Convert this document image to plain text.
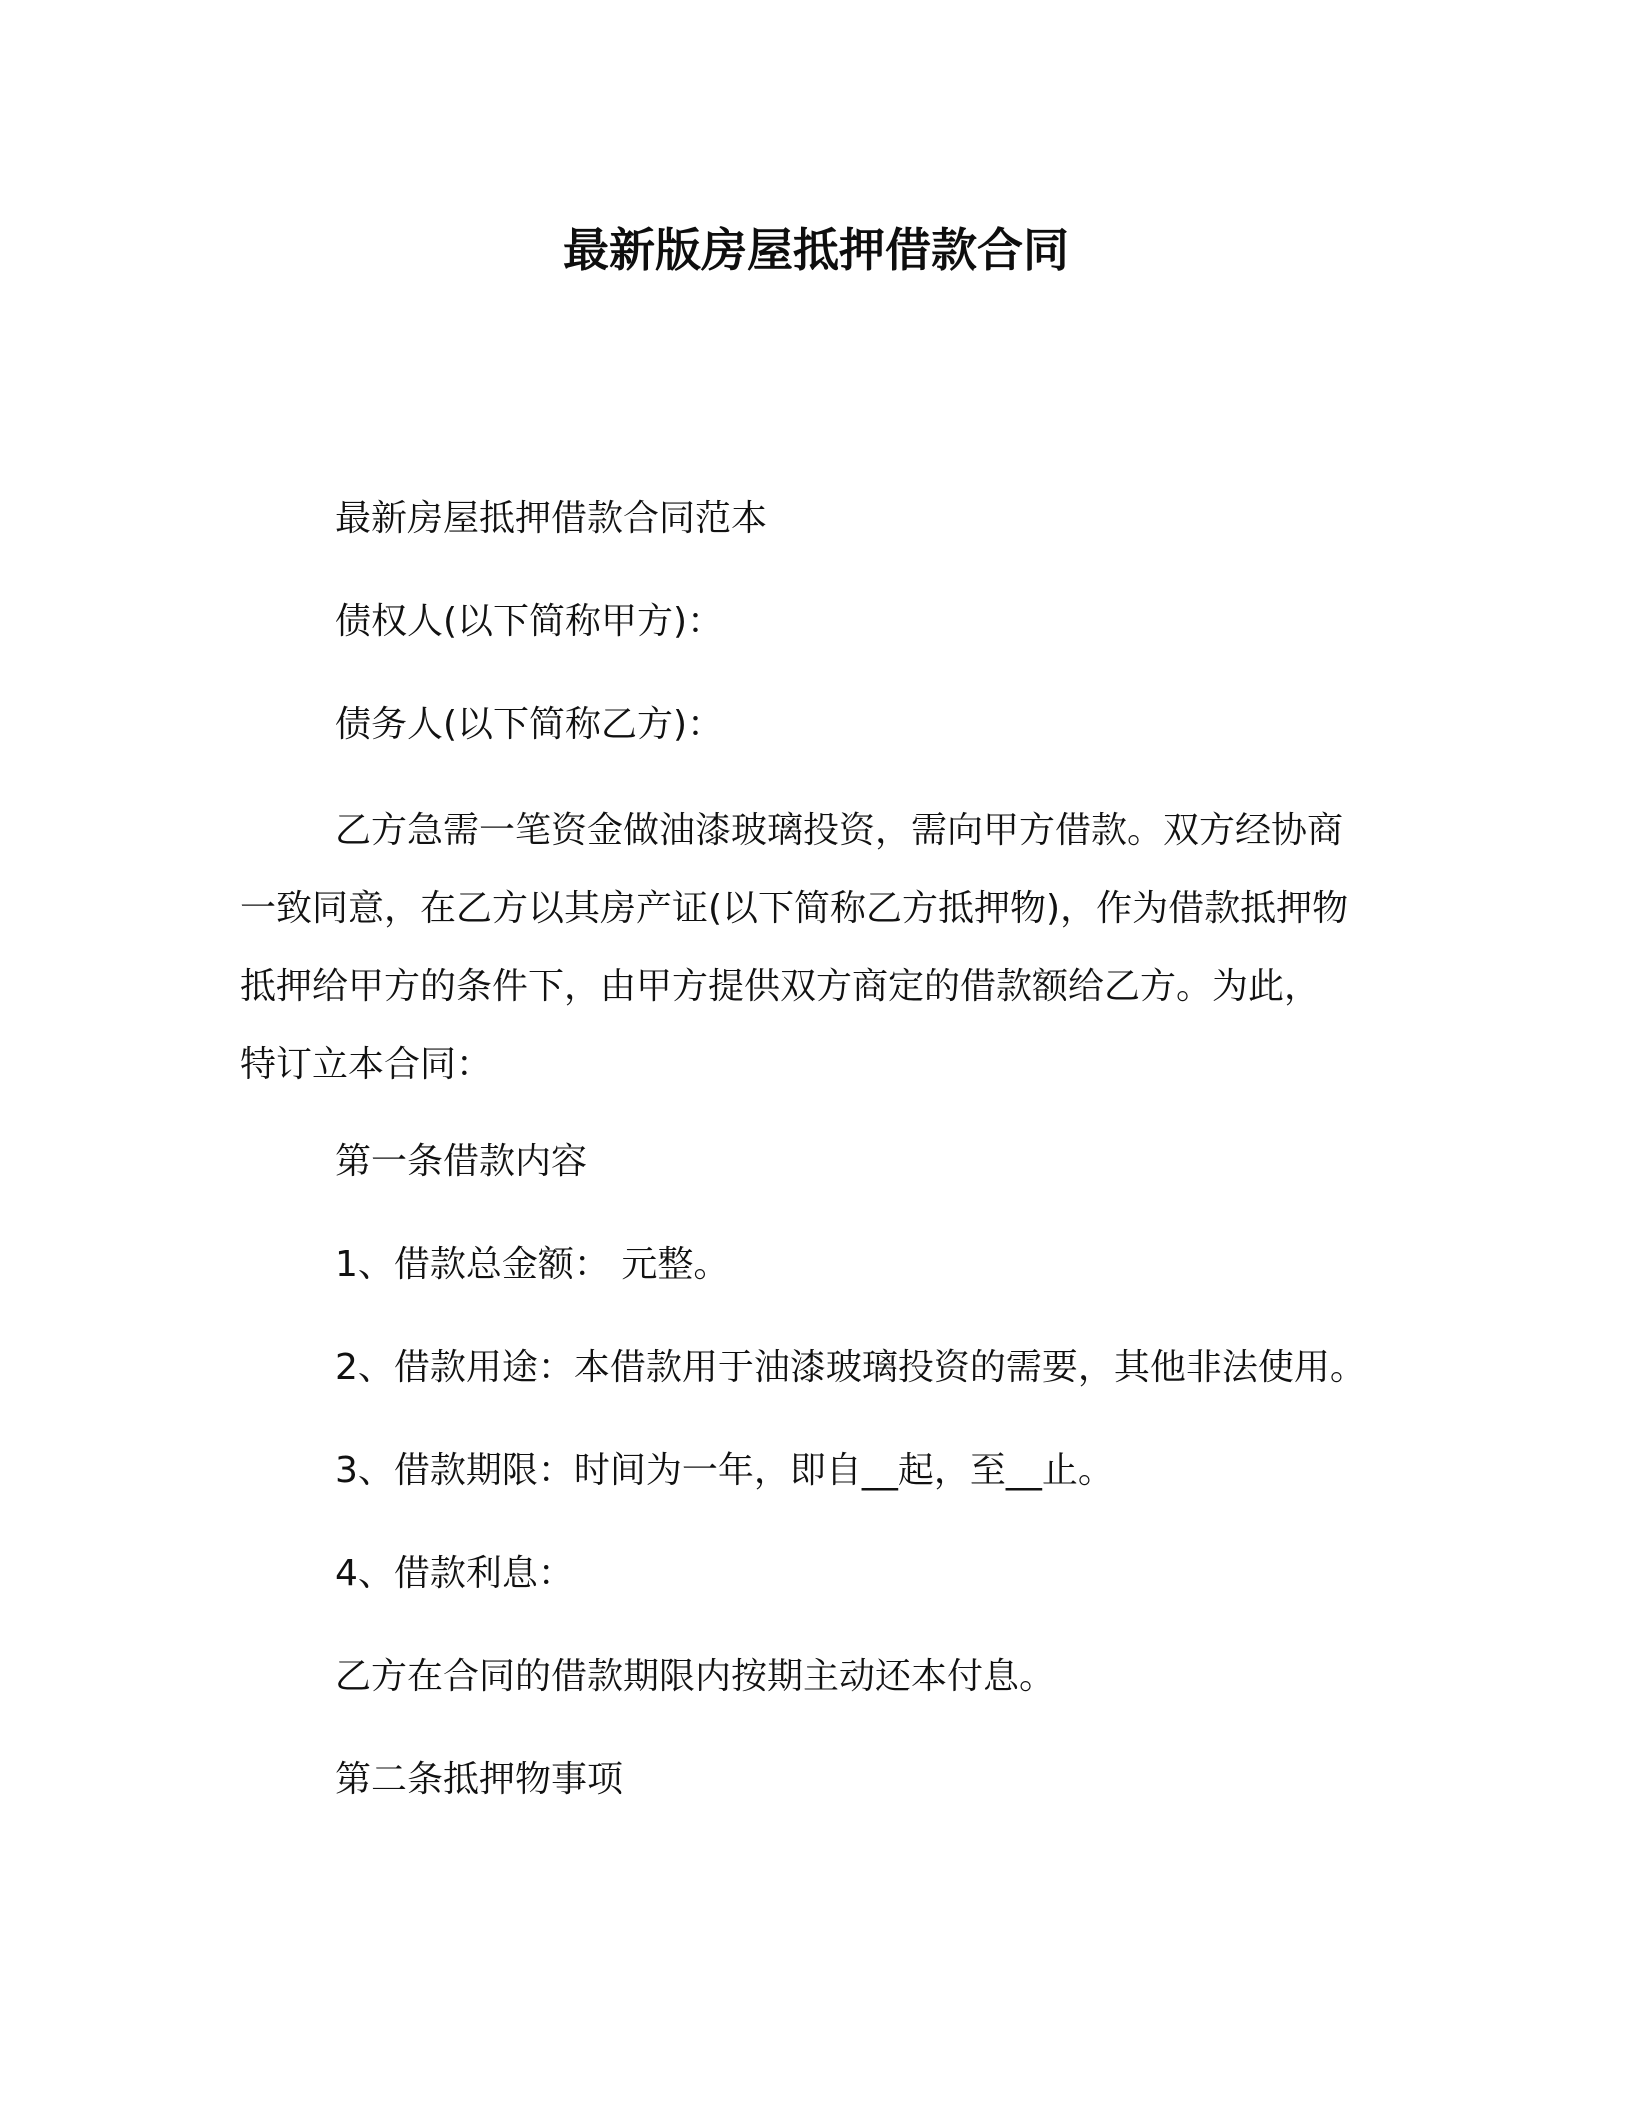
最新版房屋抵押借款合同
最新房屋抵押借款合同范本
债权人(以下简称甲方)：
债务人(以下简称乙方)：
乙方急需一笔资金做油漆玻璃投资，需向甲方借款。双方经协商
一致同意，在乙方以其房产证(以下简称乙方抵押物)，作为借款抵押物
抵押给甲方的条件下，由甲方提供双方商定的借款额给乙方。为此，
特订立本合同：
第一条借款内容
1、借款总金额： 元整。
2、借款用途：本借款用于油漆玻璃投资的需要，其他非法使用。
3、借款期限：时间为一年，即自__起，至__止。
4、借款利息：
乙方在合同的借款期限内按期主动还本付息。
第二条抵押物事项
